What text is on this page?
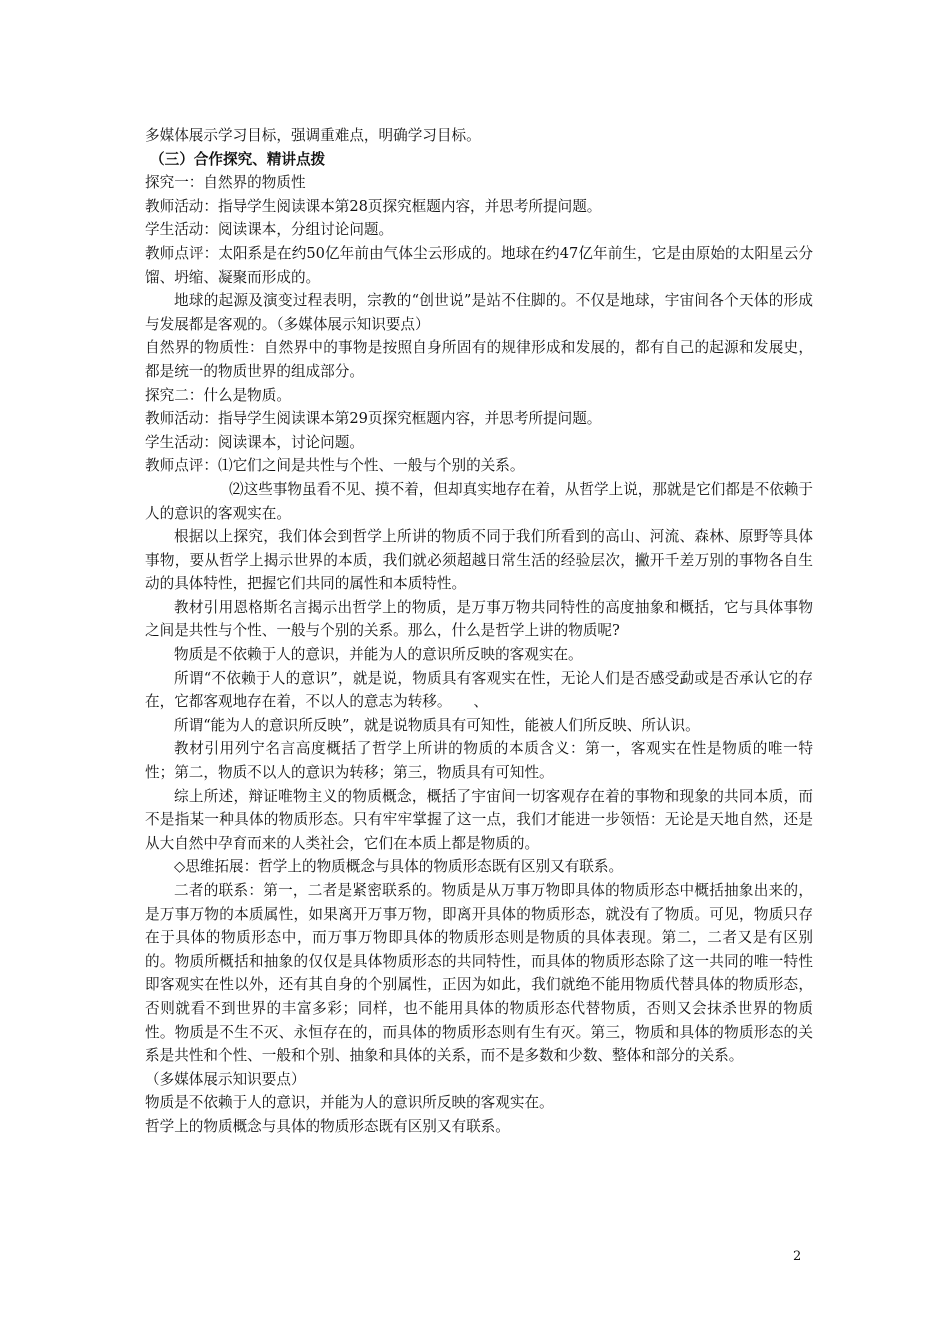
多媒体展示学习目标，强调重难点，明确学习目标。

（三）合作探究、精讲点拨

探究一：自然界的物质性

教师活动：指导学生阅读课本第28页探究框题内容，并思考所提问题。

学生活动：阅读课本，分组讨论问题。

教师点评：太阳系是在约50亿年前由气体尘云形成的。地球在约47亿年前生，它是由原始的太阳星云分馏、坍缩、凝聚而形成的。

地球的起源及演变过程表明，宗教的“创世说”是站不住脚的。不仅是地球，宇宙间各个天体的形成与发展都是客观的。（多媒体展示知识要点）

自然界的物质性：自然界中的事物是按照自身所固有的规律形成和发展的，都有自己的起源和发展史，都是统一的物质世界的组成部分。

探究二：什么是物质。

教师活动：指导学生阅读课本第29页探究框题内容，并思考所提问题。

学生活动：阅读课本，讨论问题。

教师点评：⑴它们之间是共性与个性、一般与个别的关系。

⑵这些事物虽看不见、摸不着，但却真实地存在着，从哲学上说，那就是它们都是不依赖于人的意识的客观实在。

根据以上探究，我们体会到哲学上所讲的物质不同于我们所看到的高山、河流、森林、原野等具体事物，要从哲学上揭示世界的本质，我们就必须超越日常生活的经验层次，撇开千差万别的事物各自生动的具体特性，把握它们共同的属性和本质特性。

教材引用恩格斯名言揭示出哲学上的物质，是万事万物共同特性的高度抽象和概括，它与具体事物之间是共性与个性、一般与个别的关系。那么，什么是哲学上讲的物质呢?

物质是不依赖于人的意识，并能为人的意识所反映的客观实在。

所谓“不依赖于人的意识”，就是说，物质具有客观实在性，无论人们是否感受勐或是否承认它的存在，它都客观地存在着，不以人的意志为转移。　　、

所谓“能为人的意识所反映”，就是说物质具有可知性，能被人们所反映、所认识。

教材引用列宁名言高度概括了哲学上所讲的物质的本质含义：第一，客观实在性是物质的唯一特性；第二，物质不以人的意识为转移；第三，物质具有可知性。

综上所述，辩证唯物主义的物质概念，概括了宇宙间一切客观存在着的事物和现象的共同本质，而不是指某一种具体的物质形态。只有牢牢掌握了这一点，我们才能进一步领悟：无论是天地自然，还是从大自然中孕育而来的人类社会，它们在本质上都是物质的。

◇思维拓展：哲学上的物质概念与具体的物质形态既有区别又有联系。

二者的联系：第一，二者是紧密联系的。物质是从万事万物即具体的物质形态中概括抽象出来的，是万事万物的本质属性，如果离开万事万物，即离开具体的物质形态，就没有了物质。可见，物质只存在于具体的物质形态中，而万事万物即具体的物质形态则是物质的具体表现。第二，二者又是有区别的。物质所概括和抽象的仅仅是具体物质形态的共同特性，而具体的物质形态除了这一共同的唯一特性即客观实在性以外，还有其自身的个别属性，正因为如此，我们就绝不能用物质代替具体的物质形态，否则就看不到世界的丰富多彩；同样，也不能用具体的物质形态代替物质，否则又会抹杀世界的物质性。物质是不生不灭、永恒存在的，而具体的物质形态则有生有灭。第三，物质和具体的物质形态的关系是共性和个性、一般和个别、抽象和具体的关系，而不是多数和少数、整体和部分的关系。

（多媒体展示知识要点）

物质是不依赖于人的意识，并能为人的意识所反映的客观实在。

哲学上的物质概念与具体的物质形态既有区别又有联系。

2
